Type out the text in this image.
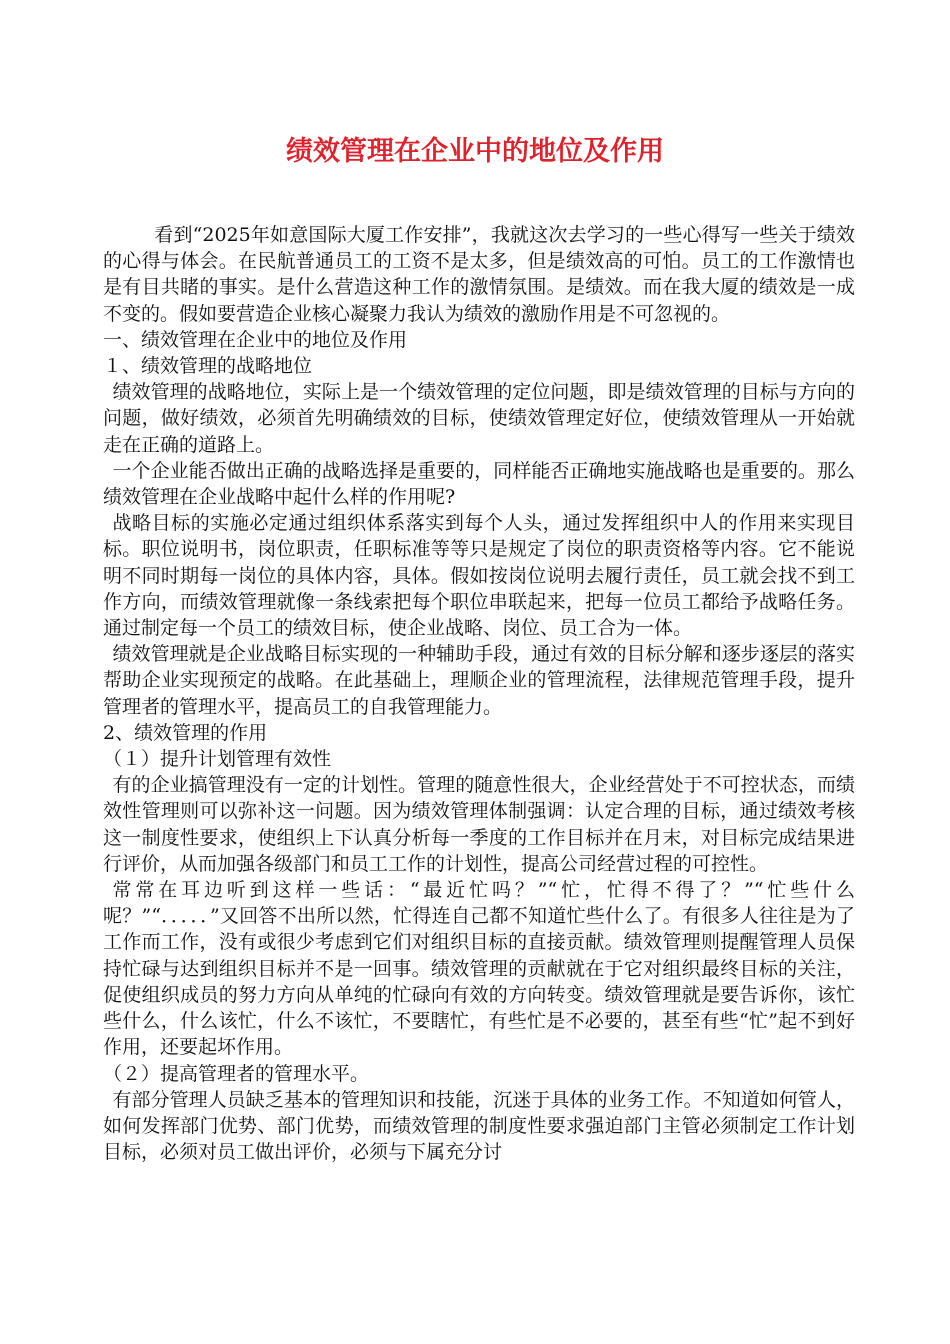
绩效管理在企业中的地位及作用

看到“2025年如意国际大厦工作安排”，我就这次去学习的一些心得写一些关于绩效的心得与体会。在民航普通员工的工资不是太多，但是绩效高的可怕。员工的工作激情也是有目共睹的事实。是什么营造这种工作的激情氛围。是绩效。而在我大厦的绩效是一成不变的。假如要营造企业核心凝聚力我认为绩效的激励作用是不可忽视的。

一、绩效管理在企业中的地位及作用

１、绩效管理的战略地位

绩效管理的战略地位，实际上是一个绩效管理的定位问题，即是绩效管理的目标与方向的问题，做好绩效，必须首先明确绩效的目标，使绩效管理定好位，使绩效管理从一开始就走在正确的道路上。

一个企业能否做出正确的战略选择是重要的，同样能否正确地实施战略也是重要的。那么绩效管理在企业战略中起什么样的作用呢?

战略目标的实施必定通过组织体系落实到每个人头，通过发挥组织中人的作用来实现目标。职位说明书，岗位职责，任职标准等等只是规定了岗位的职责资格等内容。它不能说明不同时期每一岗位的具体内容，具体。假如按岗位说明去履行责任，员工就会找不到工作方向，而绩效管理就像一条线索把每个职位串联起来，把每一位员工都给予战略任务。通过制定每一个员工的绩效目标，使企业战略、岗位、员工合为一体。

绩效管理就是企业战略目标实现的一种辅助手段，通过有效的目标分解和逐步逐层的落实帮助企业实现预定的战略。在此基础上，理顺企业的管理流程，法律规范管理手段，提升管理者的管理水平，提高员工的自我管理能力。

2、绩效管理的作用

（１）提升计划管理有效性

有的企业搞管理没有一定的计划性。管理的随意性很大，企业经营处于不可控状态，而绩效性管理则可以弥补这一问题。因为绩效管理体制强调：认定合理的目标，通过绩效考核这一制度性要求，使组织上下认真分析每一季度的工作目标并在月末，对目标完成结果进行评价，从而加强各级部门和员工工作的计划性，提高公司经营过程的可控性。

常常在耳边听到这样一些话：“最近忙吗？”“忙，忙得不得了？”“忙些什么呢？”“．．．．．”又回答不出所以然，忙得连自己都不知道忙些什么了。有很多人往往是为了工作而工作，没有或很少考虑到它们对组织目标的直接贡献。绩效管理则提醒管理人员保持忙碌与达到组织目标并不是一回事。绩效管理的贡献就在于它对组织最终目标的关注，促使组织成员的努力方向从单纯的忙碌向有效的方向转变。绩效管理就是要告诉你，该忙些什么，什么该忙，什么不该忙，不要瞎忙，有些忙是不必要的，甚至有些“忙”起不到好作用，还要起坏作用。

（２）提高管理者的管理水平。

有部分管理人员缺乏基本的管理知识和技能，沉迷于具体的业务工作。不知道如何管人，如何发挥部门优势、部门优势，而绩效管理的制度性要求强迫部门主管必须制定工作计划目标，必须对员工做出评价，必须与下属充分讨
